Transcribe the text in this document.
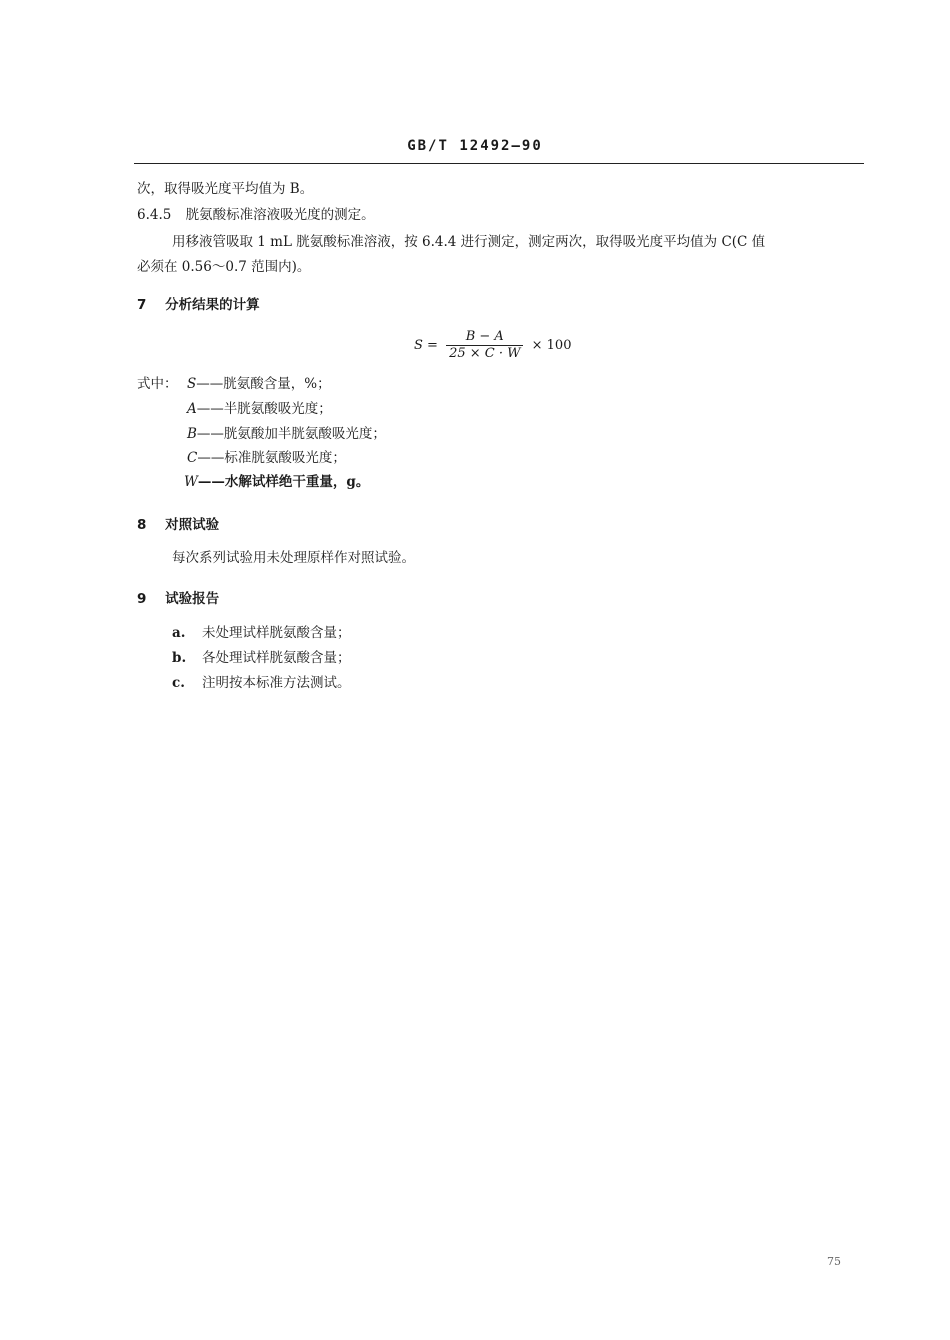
GB/T 12492—90
次，取得吸光度平均值为 B。
6.4.5 胱氨酸标准溶液吸光度的测定。
用移液管吸取 1 mL 胱氨酸标准溶液，按 6.4.4 进行测定，测定两次，取得吸光度平均值为 C(C 值
必须在 0.56～0.7 范围内)。
7 分析结果的计算
$S = \frac{B - A}{25 \times C \cdot W} \times 100$
式中： S——胱氨酸含量，%；
A——半胱氨酸吸光度；
B——胱氨酸加半胱氨酸吸光度；
C——标准胱氨酸吸光度；
W——水解试样绝干重量，g。
8 对照试验
每次系列试验用未处理原样作对照试验。
9 试验报告
a. 未处理试样胱氨酸含量；
b. 各处理试样胱氨酸含量；
c. 注明按本标准方法测试。
75
